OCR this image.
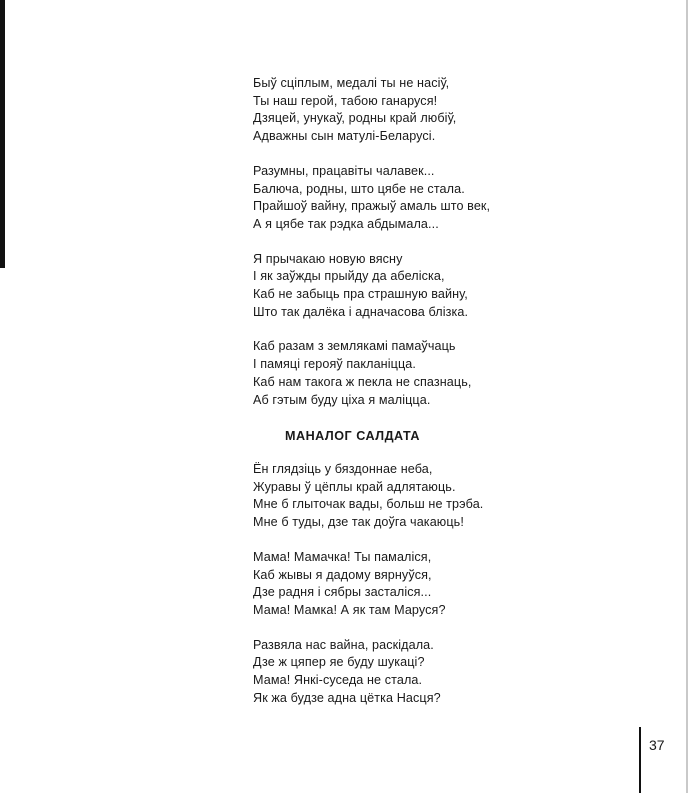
Быў сціплым, медалі ты не насіў,
Ты наш герой, табою ганаруся!
Дзяцей, унукаў, родны край любіў,
Адважны сын матулі-Беларусі.
Разумны, працавіты чалавек...
Балюча, родны, што цябе не стала.
Прайшоў вайну, пражыў амаль што век,
А я цябе так рэдка абдымала...
Я прычакаю новую вясну
І як заўжды прыйду да абеліска,
Каб не забыць пра страшную вайну,
Што так далёка і адначасова блізка.
Каб разам з землякамі памаўчаць
І памяці герояў пакланіцца.
Каб нам такога ж пекла не спазнаць,
Аб гэтым буду ціха я маліцца.
МАНАЛОГ САЛДАТА
Ён глядзіць у бяздоннае неба,
Журавы ў цёплы край адлятаюць.
Мне б глыточак вады, больш не трэба.
Мне б туды, дзе так доўга чакаюць!
Мама! Мамачка! Ты памаліся,
Каб жывы я дадому вярнуўся,
Дзе радня і сябры засталіся...
Мама! Мамка! А як там Маруся?
Развяла нас вайна, раскідала.
Дзе ж цяпер яе буду шукаці?
Мама! Янкі-суседа не стала.
Як жа будзе адна цётка Насця?
37
